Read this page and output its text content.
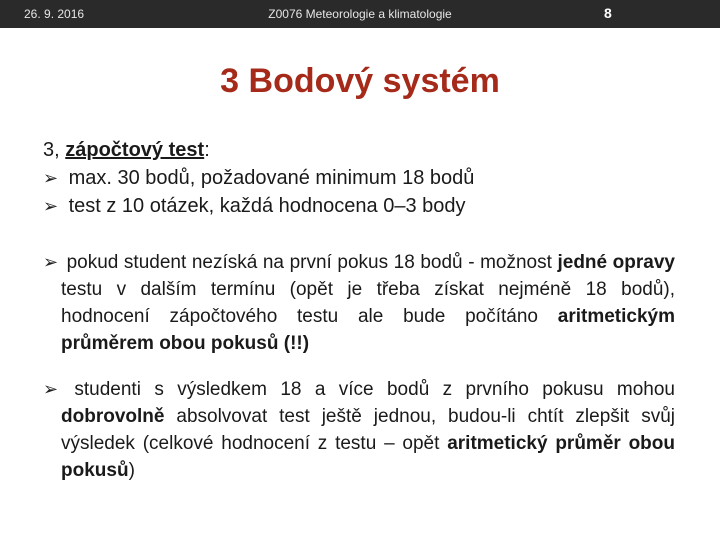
26. 9. 2016	Z0076 Meteorologie a klimatologie	8
3 Bodový systém

3, zápočtový test:

➢ max. 30 bodů, požadované minimum 18 bodů

➢ test z 10 otázek, každá hodnocena 0–3 body

➢ pokud student nezíská na první pokus 18 bodů - možnost jedné opravy testu v dalším termínu (opět je třeba získat nejméně 18 bodů), hodnocení zápočtového testu ale bude počítáno aritmetickým průměrem obou pokusů (!!)

➢ studenti s výsledkem 18 a více bodů z prvního pokusu mohou dobrovolně absolvovat test ještě jednou, budou-li chtít zlepšit svůj výsledek (celkové hodnocení z testu – opět aritmetický průměr obou pokusů)
